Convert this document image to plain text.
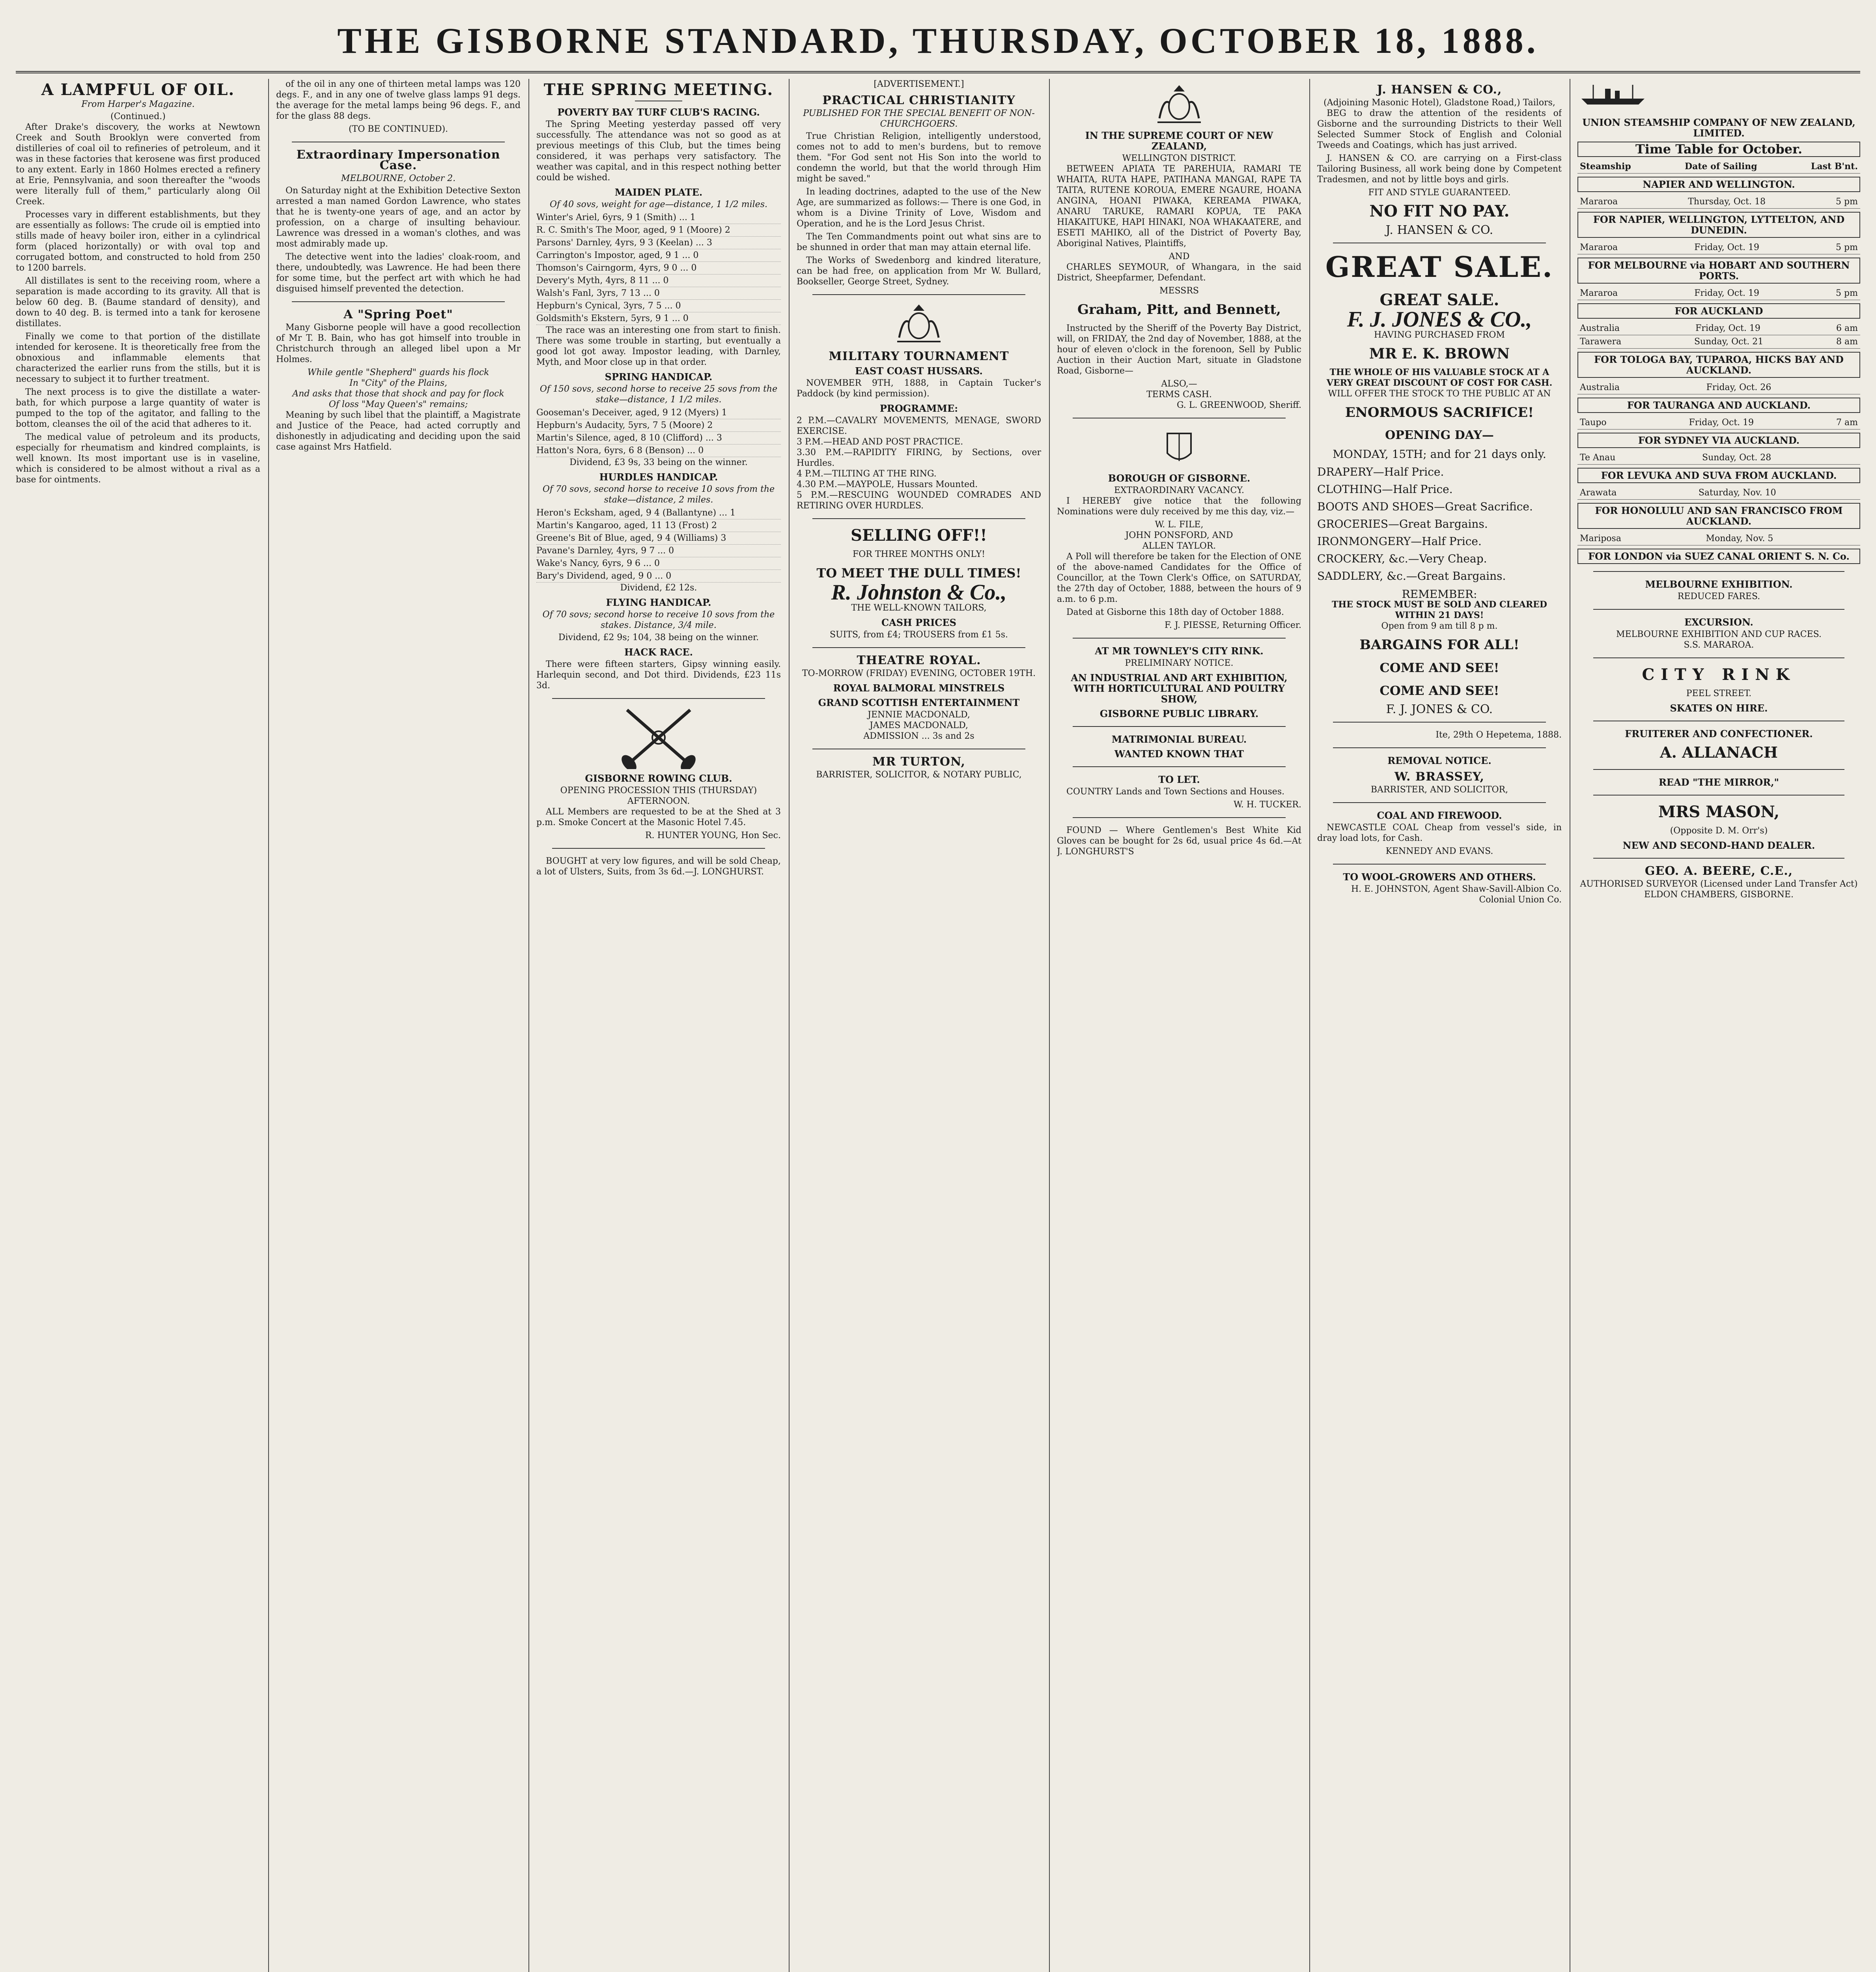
THE GISBORNE STANDARD, THURSDAY, OCTOBER 18, 1888.
A LAMPFUL OF OIL.
From Harper's Magazine.
(Continued.)

After Drake's discovery, the works at Newtown Creek and South Brooklyn were converted from distilleries of coal oil to refineries of petroleum, and it was in these factories that kerosene was first produced to any extent. Early in 1860 Holmes erected a refinery at Erie, Pennsylvania, and soon thereafter the "woods were literally full of them," particularly along Oil Creek.

Processes vary in different establishments, but they are essentially as follows: The crude oil is emptied into stills made of heavy boiler iron, either in a cylindrical form (placed horizontally) or with oval top and corrugated bottom, and constructed to hold from 250 to 1200 barrels.

All distillates is sent to the receiving room, where a separation is made according to its gravity. All that is below 60 deg. B. (Baume standard of density), and down to 40 deg. B. is termed into a tank for kerosene distillates.

Finally we come to that portion of the distillate intended for kerosene. It is theoretically free from the obnoxious and inflammable elements that characterized the earlier runs from the stills, but it is necessary to subject it to further treatment.

The next process is to give the distillate a water-bath, for which purpose a large quantity of water is pumped to the top of the agitator, and falling to the bottom, cleanses the oil of the acid that adheres to it.

The medical value of petroleum and its products, especially for rheumatism and kindred complaints, is well known. Its most important use is in vaseline, which is considered to be almost without a rival as a base for ointments.

of the oil in any one of thirteen metal lamps was 120 degs. F., and in any one of twelve glass lamps 91 degs. the average for the metal lamps being 96 degs. F., and for the glass 88 degs.

(TO BE CONTINUED).
Extraordinary Impersonation Case.
MELBOURNE, October 2.

On Saturday night at the Exhibition Detective Sexton arrested a man named Gordon Lawrence, who states that he is twenty-one years of age, and an actor by profession, on a charge of insulting behaviour. Lawrence was dressed in a woman's clothes, and was most admirably made up.

The detective went into the ladies' cloak-room, and there, undoubtedly, was Lawrence. He had been there for some time, but the perfect art with which he had disguised himself prevented the detection.

A "Spring Poet"

Many Gisborne people will have a good recollection of Mr T. B. Bain, who has got himself into trouble in Christchurch through an alleged libel upon a Mr Holmes.

While gentle "Shepherd" guards his flock
In "City" of the Plains,
And asks that those that shock and pay for flock
Of loss "May Queen's" remains;

Meaning by such libel that the plaintiff, a Magistrate and Justice of the Peace, had acted corruptly and dishonestly in adjudicating and deciding upon the said case against Mrs Hatfield.

THE SPRING MEETING.
POVERTY BAY TURF CLUB'S RACING.

The Spring Meeting yesterday passed off very successfully. The attendance was not so good as at previous meetings of this Club, but the times being considered, it was perhaps very satisfactory. The weather was capital, and in this respect nothing better could be wished.

MAIDEN PLATE.
Of 40 sovs, weight for age—distance, 1 1/2 miles.
Winter's Ariel, 6yrs, 9 1 (Smith) ... 1
R. C. Smith's The Moor, aged, 9 1 (Moore) 2
Parsons' Darnley, 4yrs, 9 3 (Keelan) ... 3
Carrington's Impostor, aged, 9 1 ... 0
Thomson's Cairngorm, 4yrs, 9 0 ... 0
Devery's Myth, 4yrs, 8 11 ... 0
Walsh's Fanl, 3yrs, 7 13 ... 0
Hepburn's Cynical, 3yrs, 7 5 ... 0
Goldsmith's Ekstern, 5yrs, 9 1 ... 0

The race was an interesting one from start to finish. There was some trouble in starting, but eventually a good lot got away. Impostor leading, with Darnley, Myth, and Moor close up in that order.

SPRING HANDICAP.
Of 150 sovs, second horse to receive 25 sovs from the stake—distance, 1 1/2 miles.
Gooseman's Deceiver, aged, 9 12 (Myers) 1
Hepburn's Audacity, 5yrs, 7 5 (Moore) 2
Martin's Silence, aged, 8 10 (Clifford) ... 3
Hatton's Nora, 6yrs, 6 8 (Benson) ... 0
Dividend, £3 9s, 33 being on the winner.
HURDLES HANDICAP.
Of 70 sovs, second horse to receive 10 sovs from the stake—distance, 2 miles.
Heron's Ecksham, aged, 9 4 (Ballantyne) ... 1
Martin's Kangaroo, aged, 11 13 (Frost) 2
Greene's Bit of Blue, aged, 9 4 (Williams) 3
Pavane's Darnley, 4yrs, 9 7 ... 0
Wake's Nancy, 6yrs, 9 6 ... 0
Bary's Dividend, aged, 9 0 ... 0
Dividend, £2 12s.
FLYING HANDICAP.
Of 70 sovs; second horse to receive 10 sovs from the stakes. Distance, 3/4 mile.
Dividend, £2 9s; 104, 38 being on the winner.
HACK RACE.

There were fifteen starters, Gipsy winning easily. Harlequin second, and Dot third. Dividends, £23 11s 3d.

GISBORNE ROWING CLUB.
OPENING PROCESSION THIS (THURSDAY) AFTERNOON.

ALL Members are requested to be at the Shed at 3 p.m. Smoke Concert at the Masonic Hotel 7.45.

R. HUNTER YOUNG, Hon Sec.

BOUGHT at very low figures, and will be sold Cheap, a lot of Ulsters, Suits, from 3s 6d.—J. LONGHURST.

[ADVERTISEMENT.]
PRACTICAL CHRISTIANITY
PUBLISHED FOR THE SPECIAL BENEFIT OF NON-CHURCHGOERS.

True Christian Religion, intelligently understood, comes not to add to men's burdens, but to remove them. "For God sent not His Son into the world to condemn the world, but that the world through Him might be saved."

In leading doctrines, adapted to the use of the New Age, are summarized as follows:— There is one God, in whom is a Divine Trinity of Love, Wisdom and Operation, and he is the Lord Jesus Christ.

The Ten Commandments point out what sins are to be shunned in order that man may attain eternal life.

The Works of Swedenborg and kindred literature, can be had free, on application from Mr W. Bullard, Bookseller, George Street, Sydney.

MILITARY TOURNAMENT
EAST COAST HUSSARS.

NOVEMBER 9TH, 1888, in Captain Tucker's Paddock (by kind permission).

PROGRAMME:
2 P.M.—CAVALRY MOVEMENTS, MENAGE, SWORD EXERCISE.
3 P.M.—HEAD AND POST PRACTICE.
3.30 P.M.—RAPIDITY FIRING, by Sections, over Hurdles.
4 P.M.—TILTING AT THE RING.
4.30 P.M.—MAYPOLE, Hussars Mounted.
5 P.M.—RESCUING WOUNDED COMRADES AND RETIRING OVER HURDLES.
SELLING OFF!!
FOR THREE MONTHS ONLY!
TO MEET THE DULL TIMES!
R. Johnston & Co.,
THE WELL-KNOWN TAILORS,
CASH PRICES
SUITS, from £4; TROUSERS from £1 5s.
THEATRE ROYAL.
TO-MORROW (FRIDAY) EVENING, OCTOBER 19TH.
ROYAL BALMORAL MINSTRELS
GRAND SCOTTISH ENTERTAINMENT
JENNIE MACDONALD,
JAMES MACDONALD,
ADMISSION ... 3s and 2s
MR TURTON,
BARRISTER, SOLICITOR, & NOTARY PUBLIC,
IN THE SUPREME COURT OF NEW ZEALAND,
WELLINGTON DISTRICT.

BETWEEN APIATA TE PAREHUIA, RAMARI TE WHAITA, RUTA HAPE, PATIHANA MANGAI, RAPE TA TAITA, RUTENE KOROUA, EMERE NGAURE, HOANA ANGINA, HOANI PIWAKA, KEREAMA PIWAKA, ANARU TARUKE, RAMARI KOPUA, TE PAKA HIAKAITUKE, HAPI HINAKI, NOA WHAKAATERE, and ESETI MAHIKO, all of the District of Poverty Bay, Aboriginal Natives, Plaintiffs,

AND

CHARLES SEYMOUR, of Whangara, in the said District, Sheepfarmer, Defendant.

MESSRS
Graham, Pitt, and Bennett,

Instructed by the Sheriff of the Poverty Bay District, will, on FRIDAY, the 2nd day of November, 1888, at the hour of eleven o'clock in the forenoon, Sell by Public Auction in their Auction Mart, situate in Gladstone Road, Gisborne—

ALSO,—
TERMS CASH.
G. L. GREENWOOD, Sheriff.
BOROUGH OF GISBORNE.
EXTRAORDINARY VACANCY.

I HEREBY give notice that the following Nominations were duly received by me this day, viz.—

W. L. FILE,
JOHN PONSFORD, AND
ALLEN TAYLOR.

A Poll will therefore be taken for the Election of ONE of the above-named Candidates for the Office of Councillor, at the Town Clerk's Office, on SATURDAY, the 27th day of October, 1888, between the hours of 9 a.m. to 6 p.m.

Dated at Gisborne this 18th day of October 1888.

F. J. PIESSE, Returning Officer.
AT MR TOWNLEY'S CITY RINK.
PRELIMINARY NOTICE.
AN INDUSTRIAL AND ART EXHIBITION, WITH HORTICULTURAL AND POULTRY SHOW,
GISBORNE PUBLIC LIBRARY.
MATRIMONIAL BUREAU.
WANTED KNOWN THAT
TO LET.

COUNTRY Lands and Town Sections and Houses.

W. H. TUCKER.

FOUND — Where Gentlemen's Best White Kid Gloves can be bought for 2s 6d, usual price 4s 6d.—At J. LONGHURST'S

J. HANSEN & CO.,
(Adjoining Masonic Hotel), Gladstone Road,) Tailors,

BEG to draw the attention of the residents of Gisborne and the surrounding Districts to their Well Selected Summer Stock of English and Colonial Tweeds and Coatings, which has just arrived.

J. HANSEN & CO. are carrying on a First-class Tailoring Business, all work being done by Competent Tradesmen, and not by little boys and girls.

FIT AND STYLE GUARANTEED.
NO FIT NO PAY.
J. HANSEN & CO.
GREAT SALE.
GREAT SALE.
F. J. JONES & CO.,
HAVING PURCHASED FROM
MR E. K. BROWN
THE WHOLE OF HIS VALUABLE STOCK AT A VERY GREAT DISCOUNT OF COST FOR CASH.
WILL OFFER THE STOCK TO THE PUBLIC AT AN
ENORMOUS SACRIFICE!
OPENING DAY—
MONDAY, 15TH; and for 21 days only.
DRAPERY—Half Price.
CLOTHING—Half Price.
BOOTS AND SHOES—Great Sacrifice.
GROCERIES—Great Bargains.
IRONMONGERY—Half Price.
CROCKERY, &c.—Very Cheap.
SADDLERY, &c.—Great Bargains.
REMEMBER:
THE STOCK MUST BE SOLD AND CLEARED WITHIN 21 DAYS!
Open from 9 am till 8 p m.
BARGAINS FOR ALL!
COME AND SEE!
COME AND SEE!
F. J. JONES & CO.
Ite, 29th O Hepetema, 1888.
REMOVAL NOTICE.
W. BRASSEY,
BARRISTER, AND SOLICITOR,
COAL AND FIREWOOD.

NEWCASTLE COAL Cheap from vessel's side, in dray load lots, for Cash.

KENNEDY AND EVANS.
TO WOOL-GROWERS AND OTHERS.
H. E. JOHNSTON, Agent Shaw-Savill-Albion Co. Colonial Union Co.
UNION STEAMSHIP COMPANY OF NEW ZEALAND, LIMITED.
Time Table for October.
Steamship	Date of Sailing	Last B'nt.
NAPIER AND WELLINGTON.
Mararoa	Thursday, Oct. 18	5 pm
FOR NAPIER, WELLINGTON, LYTTELTON, AND DUNEDIN.
Mararoa	Friday, Oct. 19	5 pm
FOR MELBOURNE via HOBART AND SOUTHERN PORTS.
Mararoa	Friday, Oct. 19	5 pm
FOR AUCKLAND
Australia	Friday, Oct. 19	6 am
Tarawera	Sunday, Oct. 21	8 am
FOR TOLOGA BAY, TUPAROA, HICKS BAY AND AUCKLAND.
Australia	Friday, Oct. 26
FOR TAURANGA AND AUCKLAND.
Taupo	Friday, Oct. 19	7 am
FOR SYDNEY VIA AUCKLAND.
Te Anau	Sunday, Oct. 28
FOR LEVUKA AND SUVA FROM AUCKLAND.
Arawata	Saturday, Nov. 10
FOR HONOLULU AND SAN FRANCISCO FROM AUCKLAND.
Mariposa	Monday, Nov. 5
FOR LONDON via SUEZ CANAL ORIENT S. N. Co.
MELBOURNE EXHIBITION.
REDUCED FARES.
EXCURSION.
MELBOURNE EXHIBITION AND CUP RACES.
S.S. MARAROA.
CITY RINK
PEEL STREET.
SKATES ON HIRE.
FRUITERER AND CONFECTIONER.
A. ALLANACH
READ "THE MIRROR,"
MRS MASON,
(Opposite D. M. Orr's)
NEW AND SECOND-HAND DEALER.
GEO. A. BEERE, C.E.,
AUTHORISED SURVEYOR (Licensed under Land Transfer Act)
ELDON CHAMBERS, GISBORNE.
